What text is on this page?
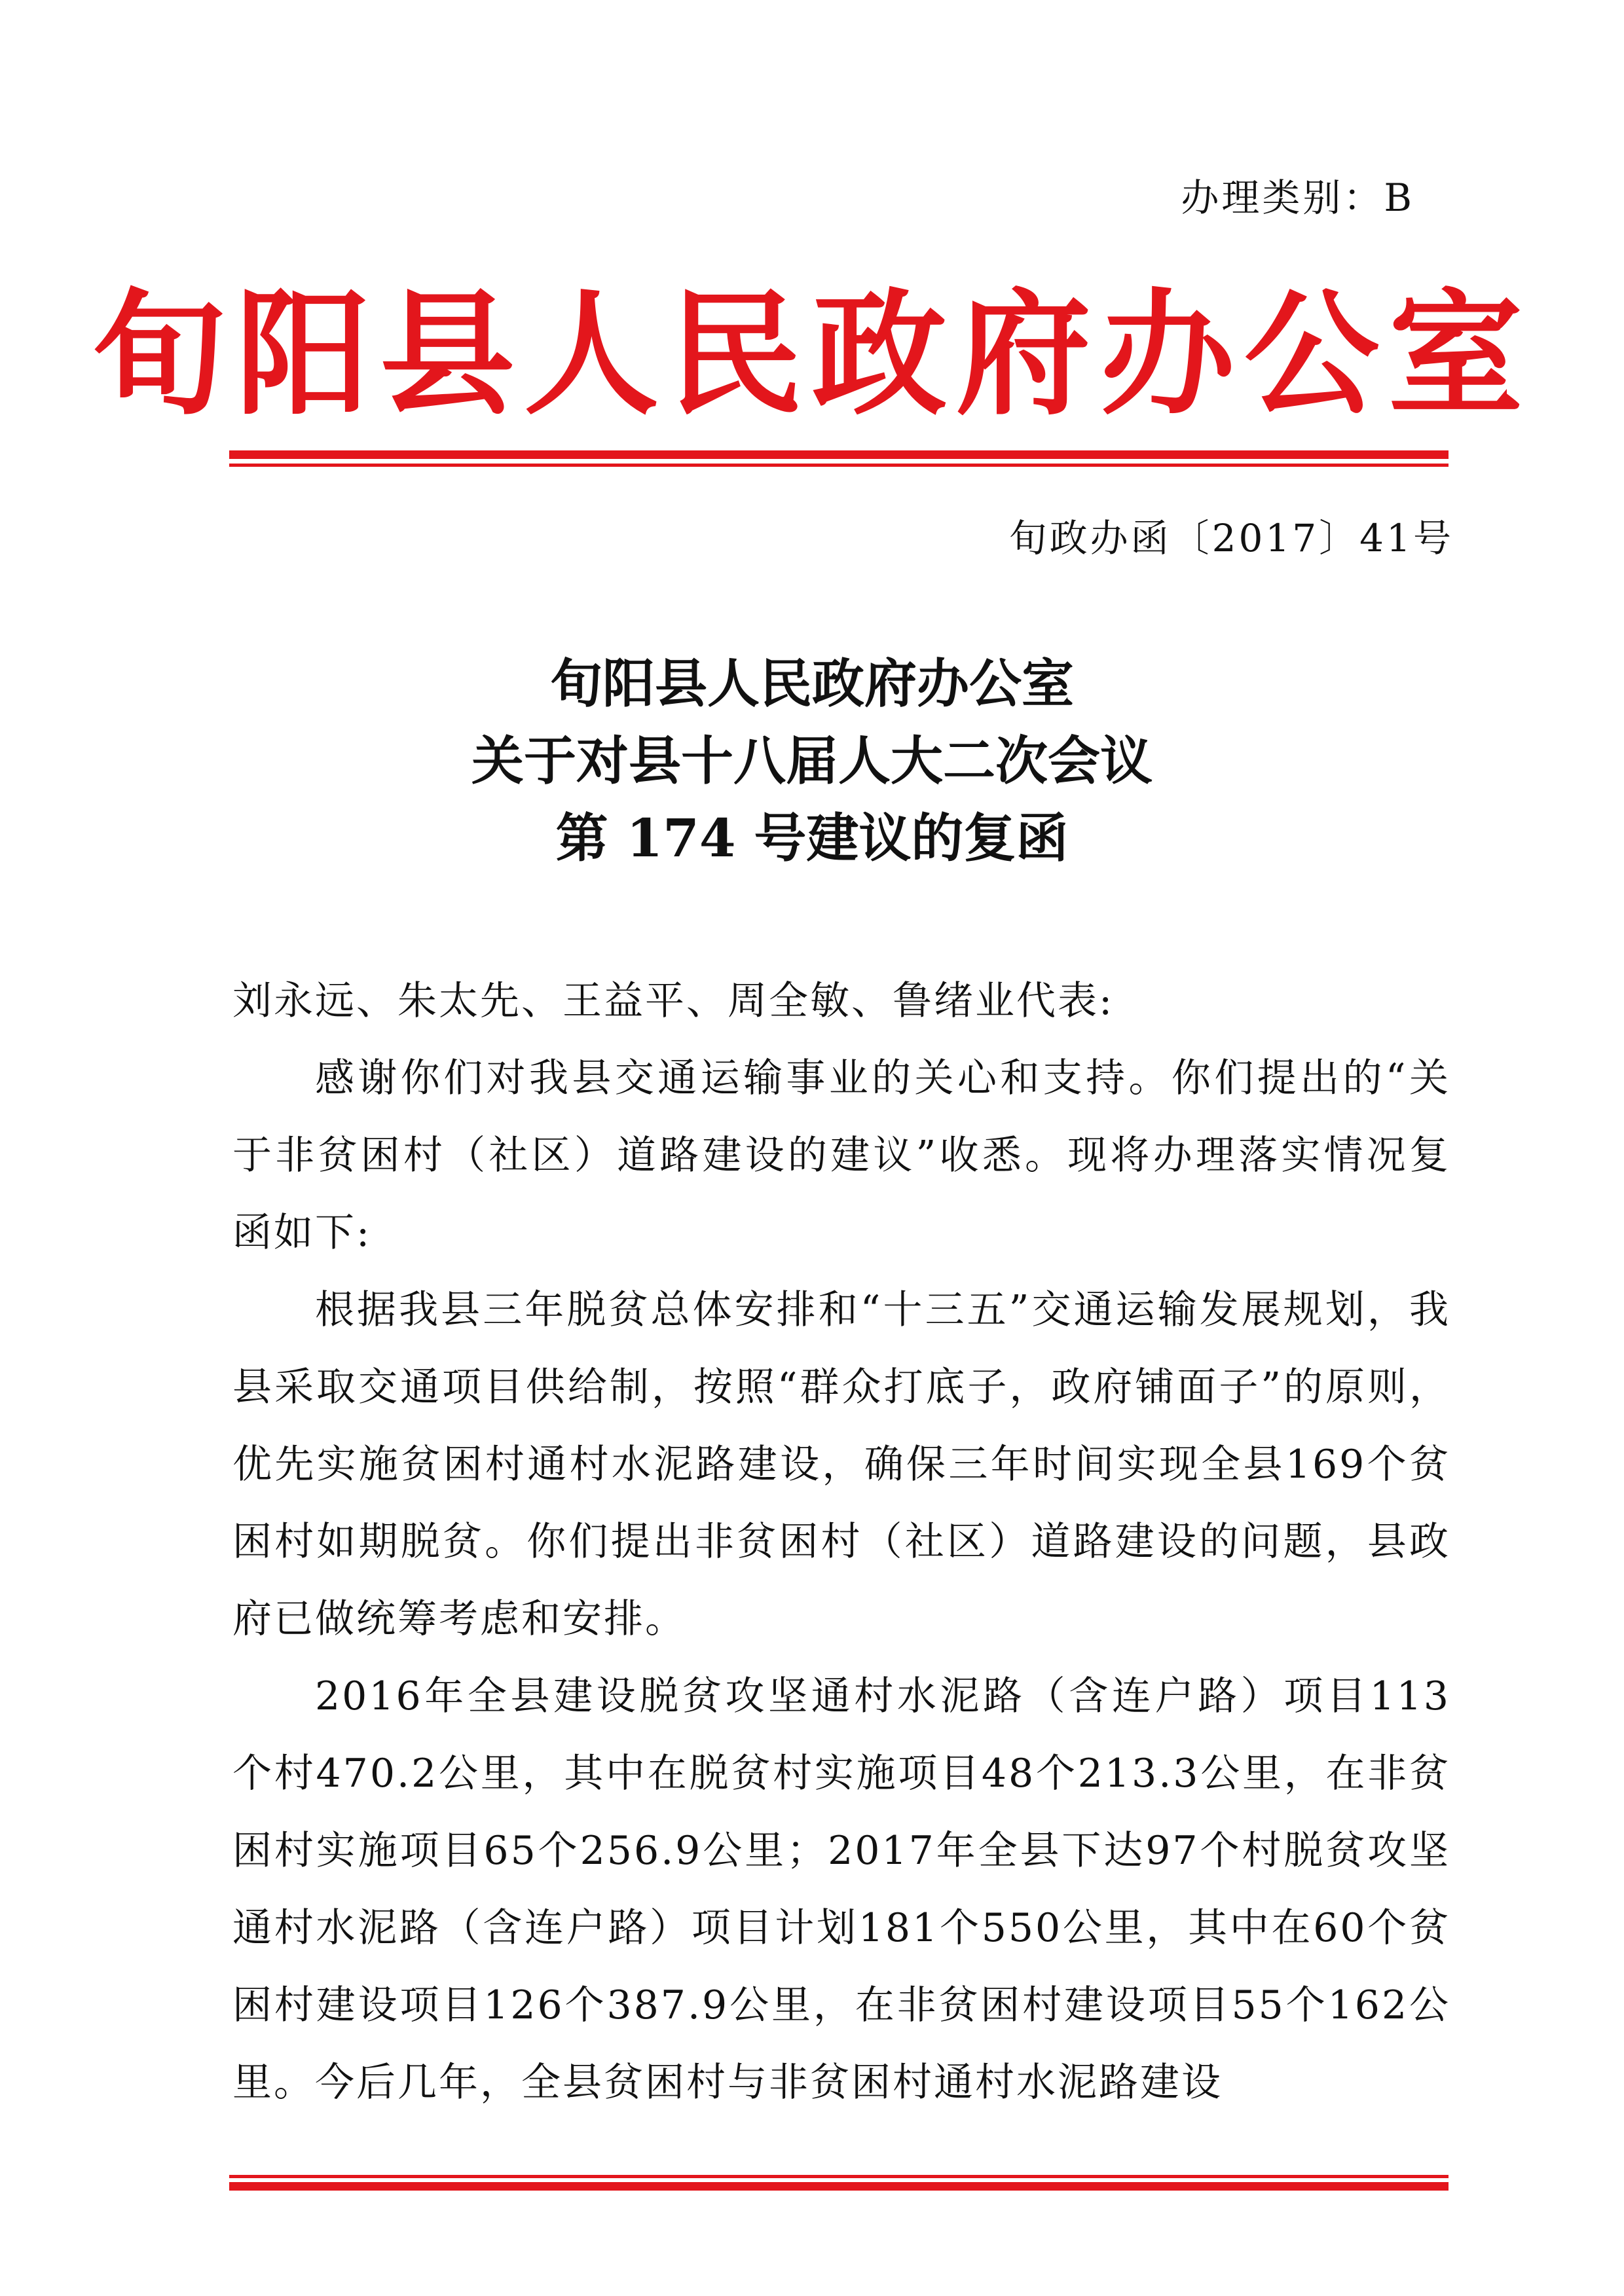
办理类别：B
旬阳县人民政府办公室
旬政办函〔2017〕41号
旬阳县人民政府办公室
关于对县十八届人大二次会议
第 174 号建议的复函

刘永远、朱太先、王益平、周全敏、鲁绪业代表:

感谢你们对我县交通运输事业的关心和支持。你们提出的“关于非贫困村（社区）道路建设的建议”收悉。现将办理落实情况复函如下:

根据我县三年脱贫总体安排和“十三五”交通运输发展规划，我县采取交通项目供给制，按照“群众打底子，政府铺面子”的原则，优先实施贫困村通村水泥路建设，确保三年时间实现全县169个贫困村如期脱贫。你们提出非贫困村（社区）道路建设的问题，县政府已做统筹考虑和安排。

2016年全县建设脱贫攻坚通村水泥路（含连户路）项目113个村470.2公里，其中在脱贫村实施项目48个213.3公里，在非贫困村实施项目65个256.9公里；2017年全县下达97个村脱贫攻坚通村水泥路（含连户路）项目计划181个550公里，其中在60个贫困村建设项目126个387.9公里，在非贫困村建设项目55个162公里。今后几年，全县贫困村与非贫困村通村水泥路建设
